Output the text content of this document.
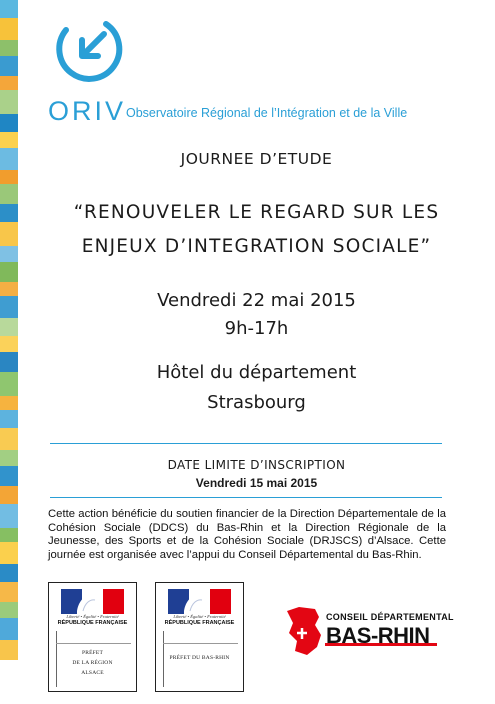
ORIV Observatoire Régional de l’Intégration et de la Ville
JOURNEE D’ETUDE
“RENOUVELER LE REGARD SUR LES
ENJEUX D’INTEGRATION SOCIALE”
Vendredi 22 mai 2015
9h-17h
Hôtel du département
Strasbourg
DATE LIMITE D’INSCRIPTION
Vendredi 15 mai 2015
Cette action bénéficie du soutien financier de la Direction Départementale de la Cohésion Sociale (DDCS) du Bas-Rhin et la Direction Régionale de la Jeunesse, des Sports et de la Cohésion Sociale (DRJSCS) d’Alsace. Cette journée est organisée avec l’appui du Conseil Départemental du Bas-Rhin.
Liberté • Égalité • Fraternité
RÉPUBLIQUE FRANÇAISE
PRÉFET
DE LA RÉGION
ALSACE
Liberté • Égalité • Fraternité
RÉPUBLIQUE FRANÇAISE
PRÉFET DU BAS-RHIN
CONSEIL DÉPARTEMENTAL
BAS-RHIN
